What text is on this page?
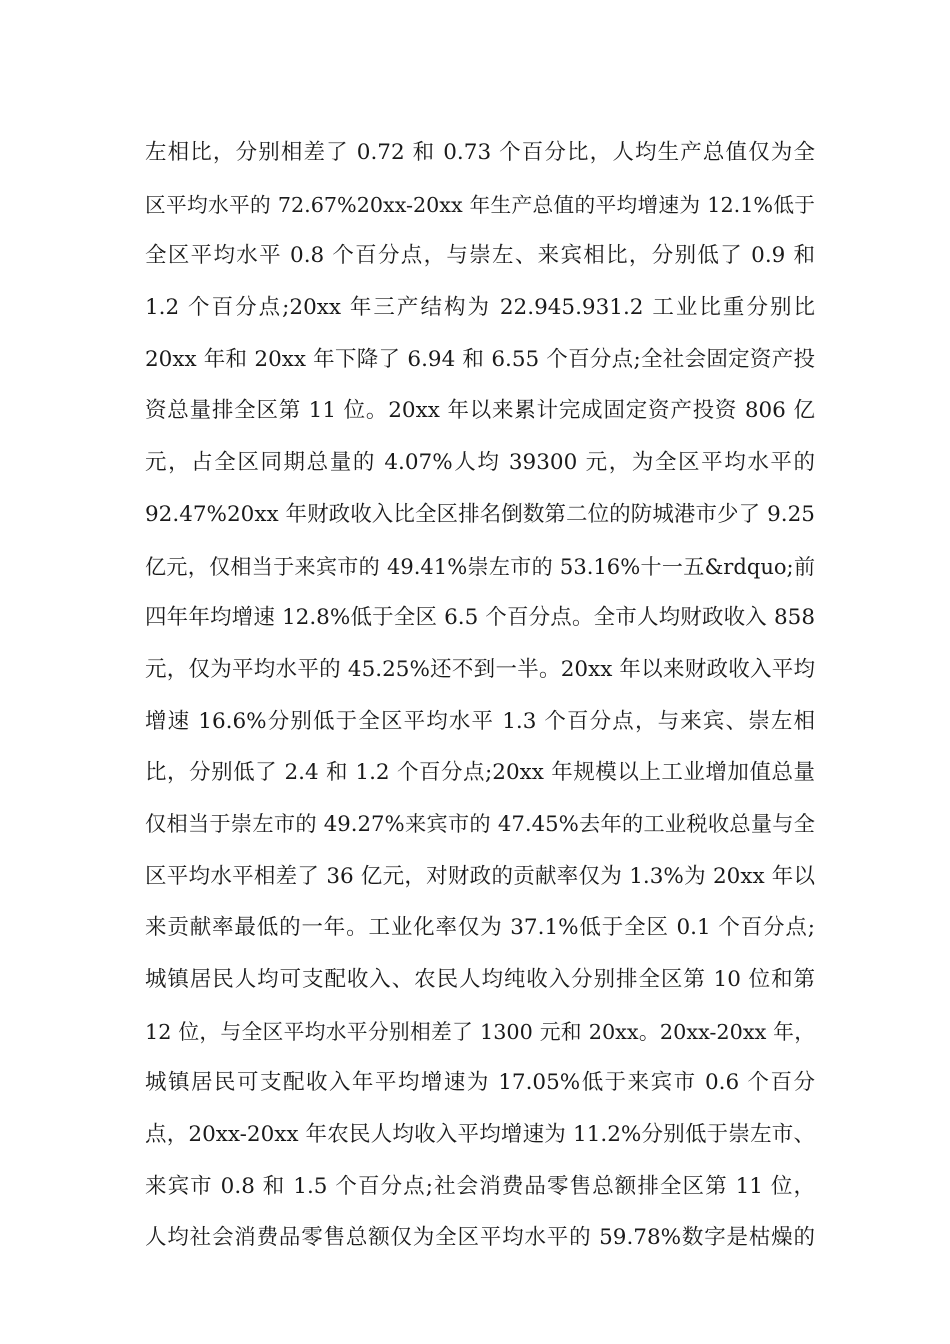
左相比，分别相差了 0.72 和 0.73 个百分比，人均生产总值仅为全
区平均水平的 72.67%20xx-20xx 年生产总值的平均增速为 12.1%低于
全区平均水平 0.8 个百分点，与崇左、来宾相比，分别低了 0.9 和
1.2 个百分点;20xx 年三产结构为 22.945.931.2 工业比重分别比
20xx 年和 20xx 年下降了 6.94 和 6.55 个百分点;全社会固定资产投
资总量排全区第 11 位。20xx 年以来累计完成固定资产投资 806 亿
元，占全区同期总量的 4.07%人均 39300 元，为全区平均水平的
92.47%20xx 年财政收入比全区排名倒数第二位的防城港市少了 9.25
亿元，仅相当于来宾市的 49.41%崇左市的 53.16%十一五&rdquo;前
四年年均增速 12.8%低于全区 6.5 个百分点。全市人均财政收入 858
元，仅为平均水平的 45.25%还不到一半。20xx 年以来财政收入平均
增速 16.6%分别低于全区平均水平 1.3 个百分点，与来宾、崇左相
比，分别低了 2.4 和 1.2 个百分点;20xx 年规模以上工业增加值总量
仅相当于崇左市的 49.27%来宾市的 47.45%去年的工业税收总量与全
区平均水平相差了 36 亿元，对财政的贡献率仅为 1.3%为 20xx 年以
来贡献率最低的一年。工业化率仅为 37.1%低于全区 0.1 个百分点;
城镇居民人均可支配收入、农民人均纯收入分别排全区第 10 位和第
12 位，与全区平均水平分别相差了 1300 元和 20xx。20xx-20xx 年，
城镇居民可支配收入年平均增速为 17.05%低于来宾市 0.6 个百分
点，20xx-20xx 年农民人均收入平均增速为 11.2%分别低于崇左市、
来宾市 0.8 和 1.5 个百分点;社会消费品零售总额排全区第 11 位，
人均社会消费品零售总额仅为全区平均水平的 59.78%数字是枯燥的
